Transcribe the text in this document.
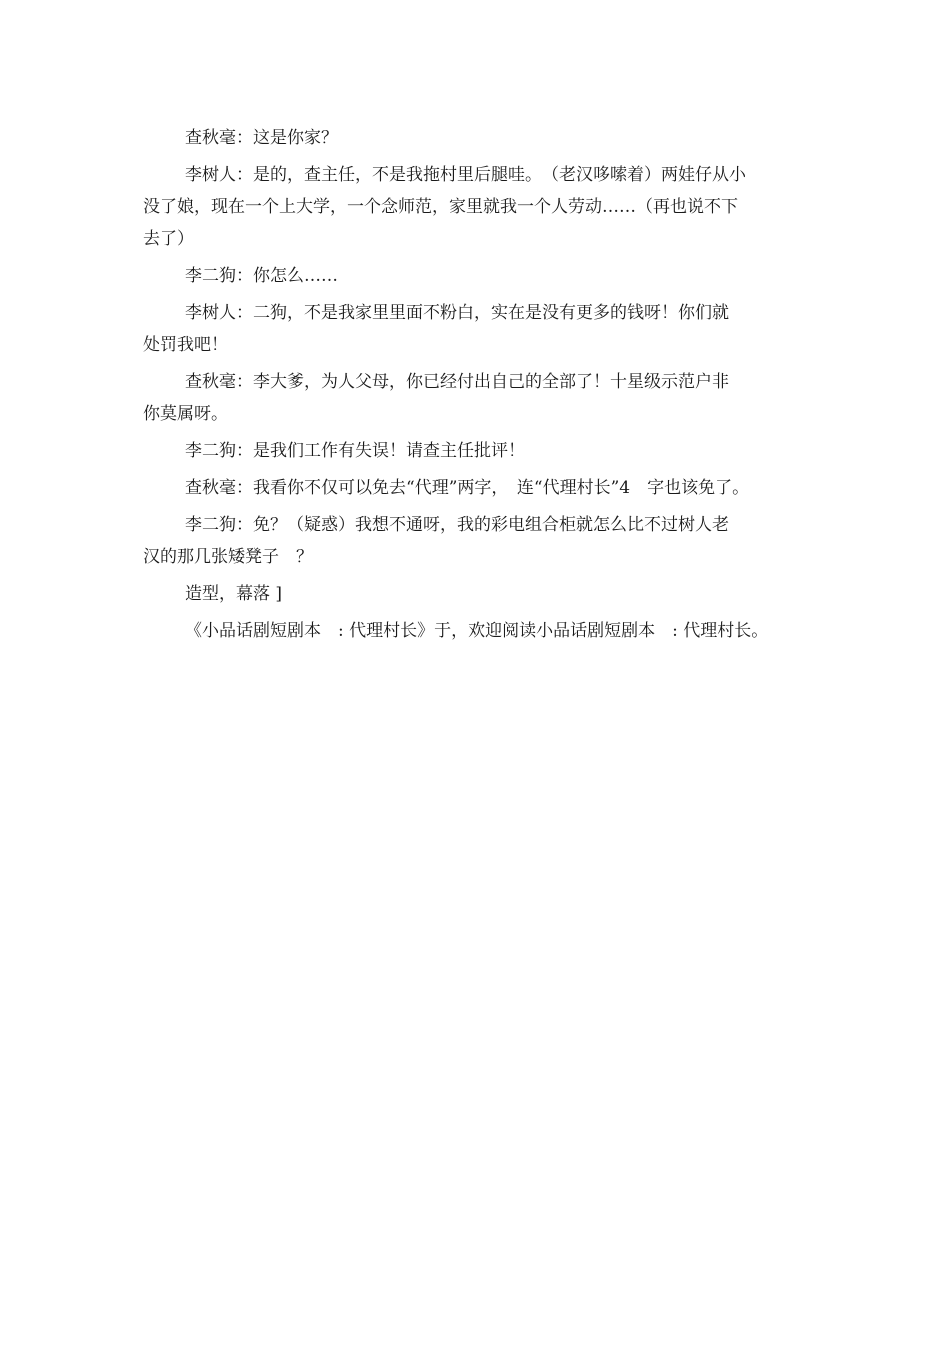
查秋毫：这是你家？

李树人：是的，查主任，不是我拖村里后腿哇。　（老汉哆嗦着）两娃仔从小
没了娘，现在一个上大学，一个念师范，家里就我一个人劳动……（再也说不下
去了）

李二狗：你怎么……

李树人：二狗，不是我家里里面不粉白，实在是没有更多的钱呀！你们就
处罚我吧！

查秋毫：李大爹，为人父母，你已经付出自己的全部了！十星级示范户非
你莫属呀。

李二狗：是我们工作有失误！请查主任批评！

查秋毫：我看你不仅可以免去“代理”两字，　连“代理村长”4　字也该免了。

李二狗：免？（疑惑）我想不通呀，我的彩电组合柜就怎么比不过树人老
汉的那几张矮凳子　？

造型，幕落 ]

《小品话剧短剧本　: 代理村长》于，欢迎阅读小品话剧短剧本　: 代理村长。
